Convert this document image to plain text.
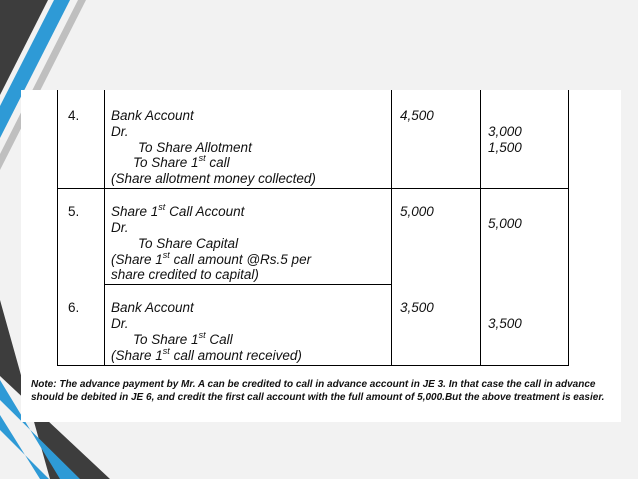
4. Bank Account
Dr.
To Share Allotment
To Share 1st call
(Share allotment money collected)
4,500
3,000
1,500
5. Share 1st Call Account
Dr.
To Share Capital
(Share 1st call amount @Rs.5 per
share credited to capital)
5,000
5,000
6. Bank Account
Dr.
To Share 1st Call
(Share 1st call amount received)
3,500
3,500
Note: The advance payment by Mr. A can be credited to call in advance account in JE 3. In that case the call in advance should be debited in JE 6, and credit the first call account with the full amount of 5,000.But the above treatment is easier.
